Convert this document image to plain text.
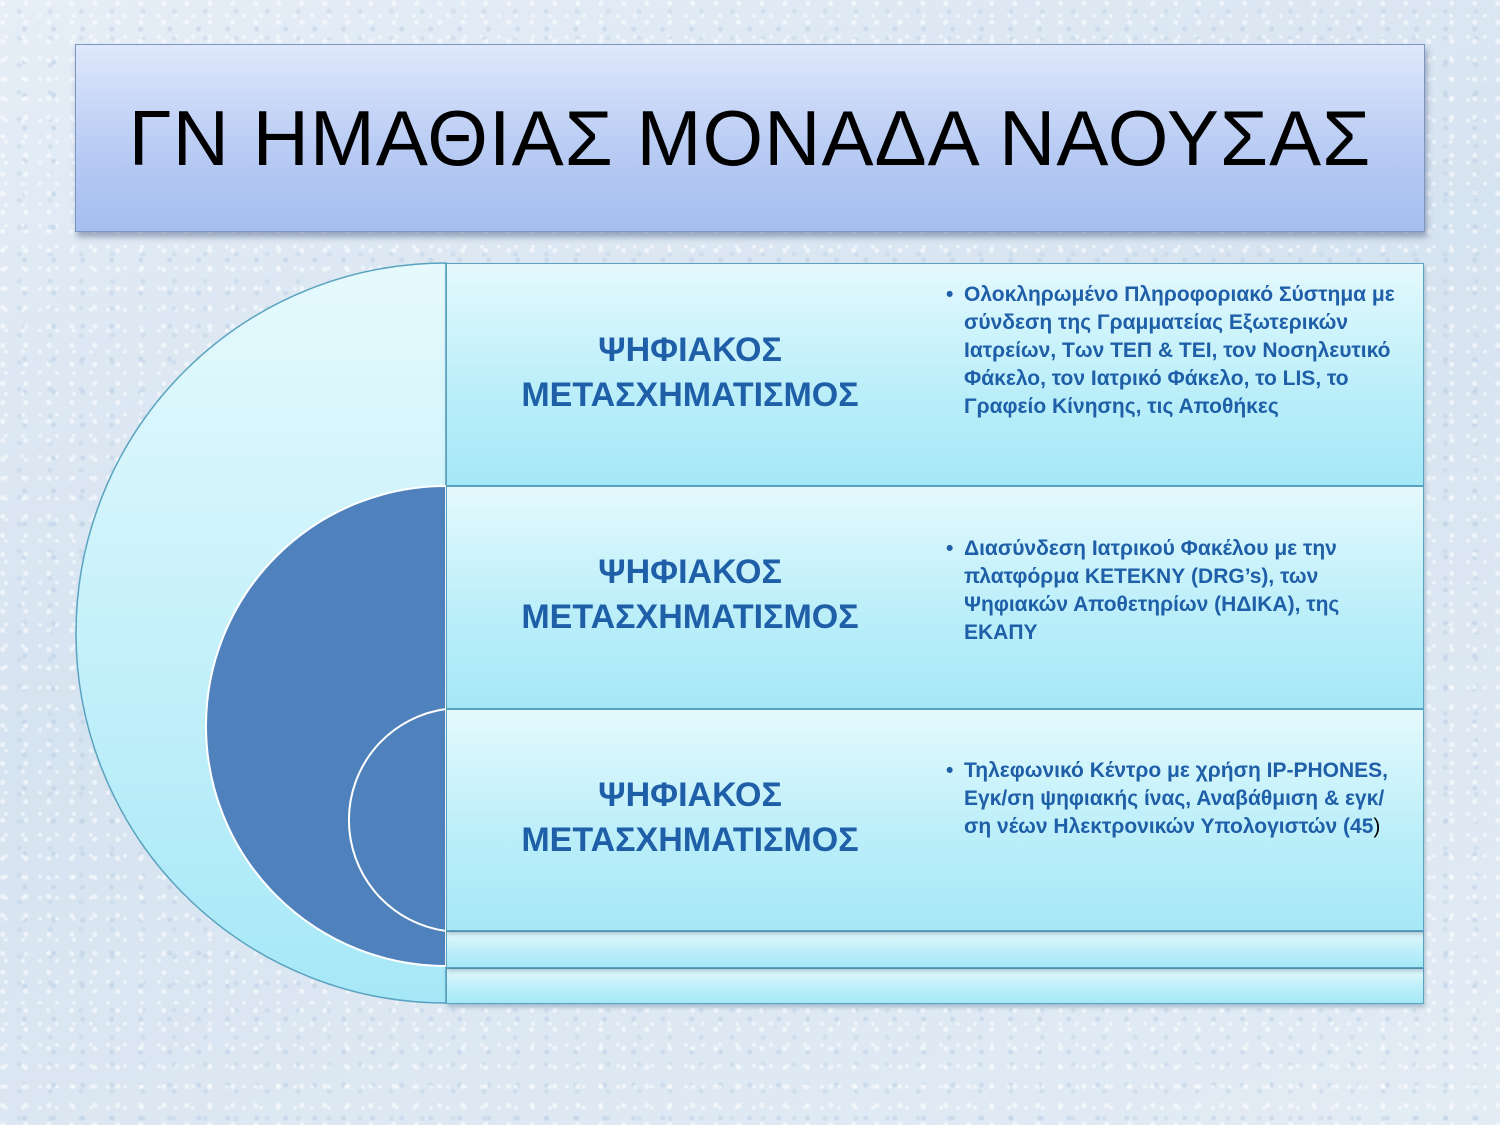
ΓΝ ΗΜΑΘΙΑΣ ΜΟΝΑΔΑ ΝΑΟΥΣΑΣ
ΨΗΦΙΑΚΟΣ
ΜΕΤΑΣΧΗΜΑΤΙΣΜΟΣ
• Ολοκληρωμένο Πληροφοριακό Σύστημα με σύνδεση της Γραμματείας Εξωτερικών Ιατρείων, Των ΤΕΠ & ΤΕΙ, τον Νοσηλευτικό Φάκελο, τον Ιατρικό Φάκελο, το LIS, το Γραφείο Κίνησης, τις Αποθήκες
ΨΗΦΙΑΚΟΣ
ΜΕΤΑΣΧΗΜΑΤΙΣΜΟΣ
• Διασύνδεση Ιατρικού Φακέλου με την πλατφόρμα ΚΕΤΕΚΝΥ (DRG’s), των Ψηφιακών Αποθετηρίων (ΗΔΙΚΑ), της ΕΚΑΠΥ
ΨΗΦΙΑΚΟΣ
ΜΕΤΑΣΧΗΜΑΤΙΣΜΟΣ
• Τηλεφωνικό Κέντρο με χρήση IP-PHONES, Εγκ/ση ψηφιακής ίνας, Αναβάθμιση & εγκ/ση νέων Ηλεκτρονικών Υπολογιστών (45)
